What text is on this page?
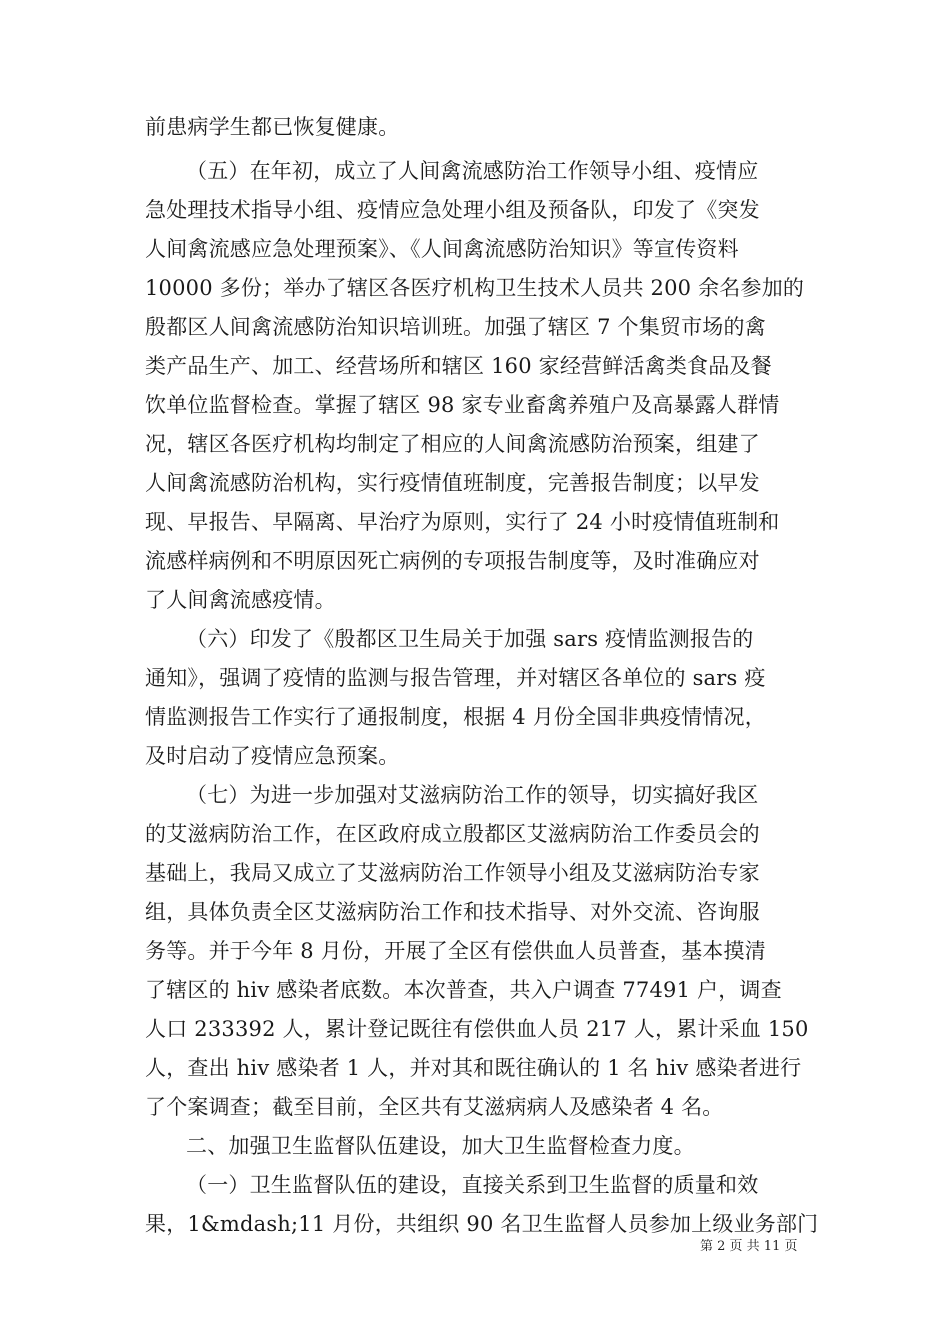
前患病学生都已恢复健康。
（五）在年初，成立了人间禽流感防治工作领导小组、疫情应
急处理技术指导小组、疫情应急处理小组及预备队，印发了《突发
人间禽流感应急处理预案》、《人间禽流感防治知识》等宣传资料
10000 多份；举办了辖区各医疗机构卫生技术人员共 200 余名参加的
殷都区人间禽流感防治知识培训班。加强了辖区 7 个集贸市场的禽
类产品生产、加工、经营场所和辖区 160 家经营鲜活禽类食品及餐
饮单位监督检查。掌握了辖区 98 家专业畜禽养殖户及高暴露人群情
况，辖区各医疗机构均制定了相应的人间禽流感防治预案，组建了
人间禽流感防治机构，实行疫情值班制度，完善报告制度；以早发
现、早报告、早隔离、早治疗为原则，实行了 24 小时疫情值班制和
流感样病例和不明原因死亡病例的专项报告制度等，及时准确应对
了人间禽流感疫情。
（六）印发了《殷都区卫生局关于加强 sars 疫情监测报告的
通知》，强调了疫情的监测与报告管理，并对辖区各单位的 sars 疫
情监测报告工作实行了通报制度，根据 4 月份全国非典疫情情况，
及时启动了疫情应急预案。
（七）为进一步加强对艾滋病防治工作的领导，切实搞好我区
的艾滋病防治工作，在区政府成立殷都区艾滋病防治工作委员会的
基础上，我局又成立了艾滋病防治工作领导小组及艾滋病防治专家
组，具体负责全区艾滋病防治工作和技术指导、对外交流、咨询服
务等。并于今年 8 月份，开展了全区有偿供血人员普查，基本摸清
了辖区的 hiv 感染者底数。本次普查，共入户调查 77491 户，调查
人口 233392 人，累计登记既往有偿供血人员 217 人，累计采血 150
人，查出 hiv 感染者 1 人，并对其和既往确认的 1 名 hiv 感染者进行
了个案调查；截至目前，全区共有艾滋病病人及感染者 4 名。
二、加强卫生监督队伍建设，加大卫生监督检查力度。
（一）卫生监督队伍的建设，直接关系到卫生监督的质量和效
果，1&mdash;11 月份，共组织 90 名卫生监督人员参加上级业务部门
第 2 页 共 11 页
